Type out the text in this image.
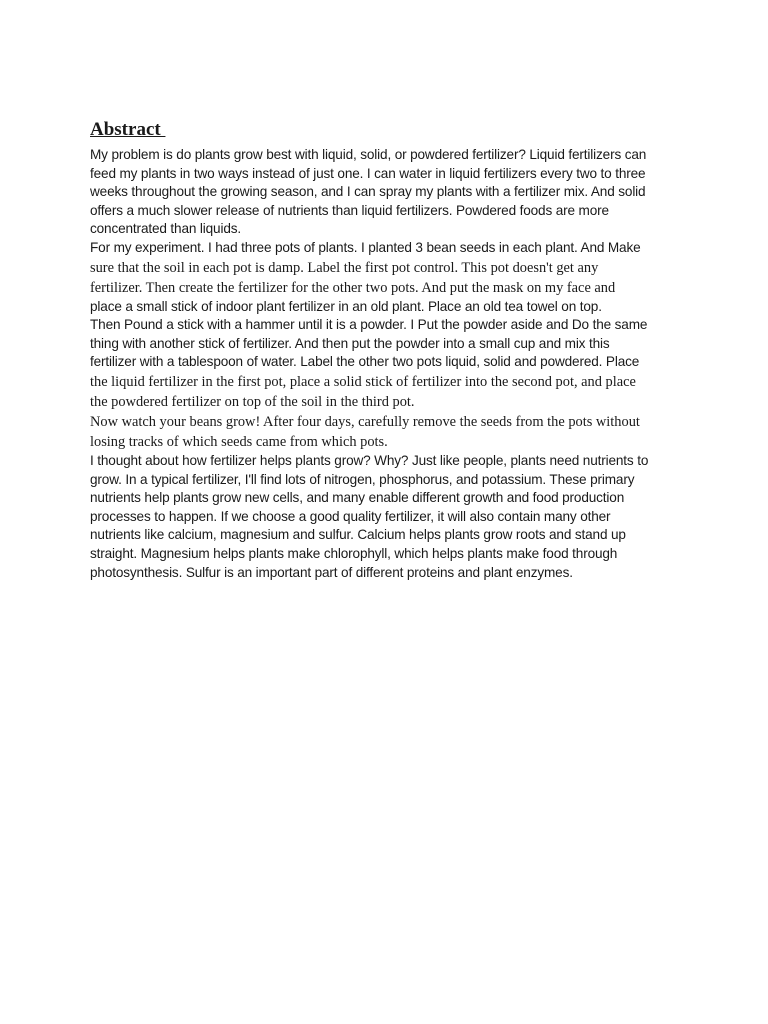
Abstract
My problem is do plants grow best with liquid, solid, or powdered fertilizer? Liquid fertilizers can
feed my plants in two ways instead of just one. I can water in liquid fertilizers every two to three
weeks throughout the growing season, and I can spray my plants with a fertilizer mix. And solid
offers a much slower release of nutrients than liquid fertilizers. Powdered foods are more
concentrated than liquids.
For my experiment. I had three pots of plants. I planted 3 bean seeds in each plant. And Make
sure that the soil in each pot is damp. Label the first pot control. This pot doesn't get any
fertilizer. Then create the fertilizer for the other two pots. And put the mask on my face and
place a small stick of indoor plant fertilizer in an old plant. Place an old tea towel on top.
Then Pound a stick with a hammer until it is a powder. I Put the powder aside and Do the same
thing with another stick of fertilizer. And then put the powder into a small cup and mix this
fertilizer with a tablespoon of water. Label the other two pots liquid, solid and powdered. Place
the liquid fertilizer in the first pot, place a solid stick of fertilizer into the second pot, and place
the powdered fertilizer on top of the soil in the third pot.
Now watch your beans grow! After four days, carefully remove the seeds from the pots without
losing tracks of which seeds came from which pots.
I thought about how fertilizer helps plants grow? Why? Just like people, plants need nutrients to
grow. In a typical fertilizer, I'll find lots of nitrogen, phosphorus, and potassium. These primary
nutrients help plants grow new cells, and many enable different growth and food production
processes to happen. If we choose a good quality fertilizer, it will also contain many other
nutrients like calcium, magnesium and sulfur. Calcium helps plants grow roots and stand up
straight. Magnesium helps plants make chlorophyll, which helps plants make food through
photosynthesis. Sulfur is an important part of different proteins and plant enzymes.
